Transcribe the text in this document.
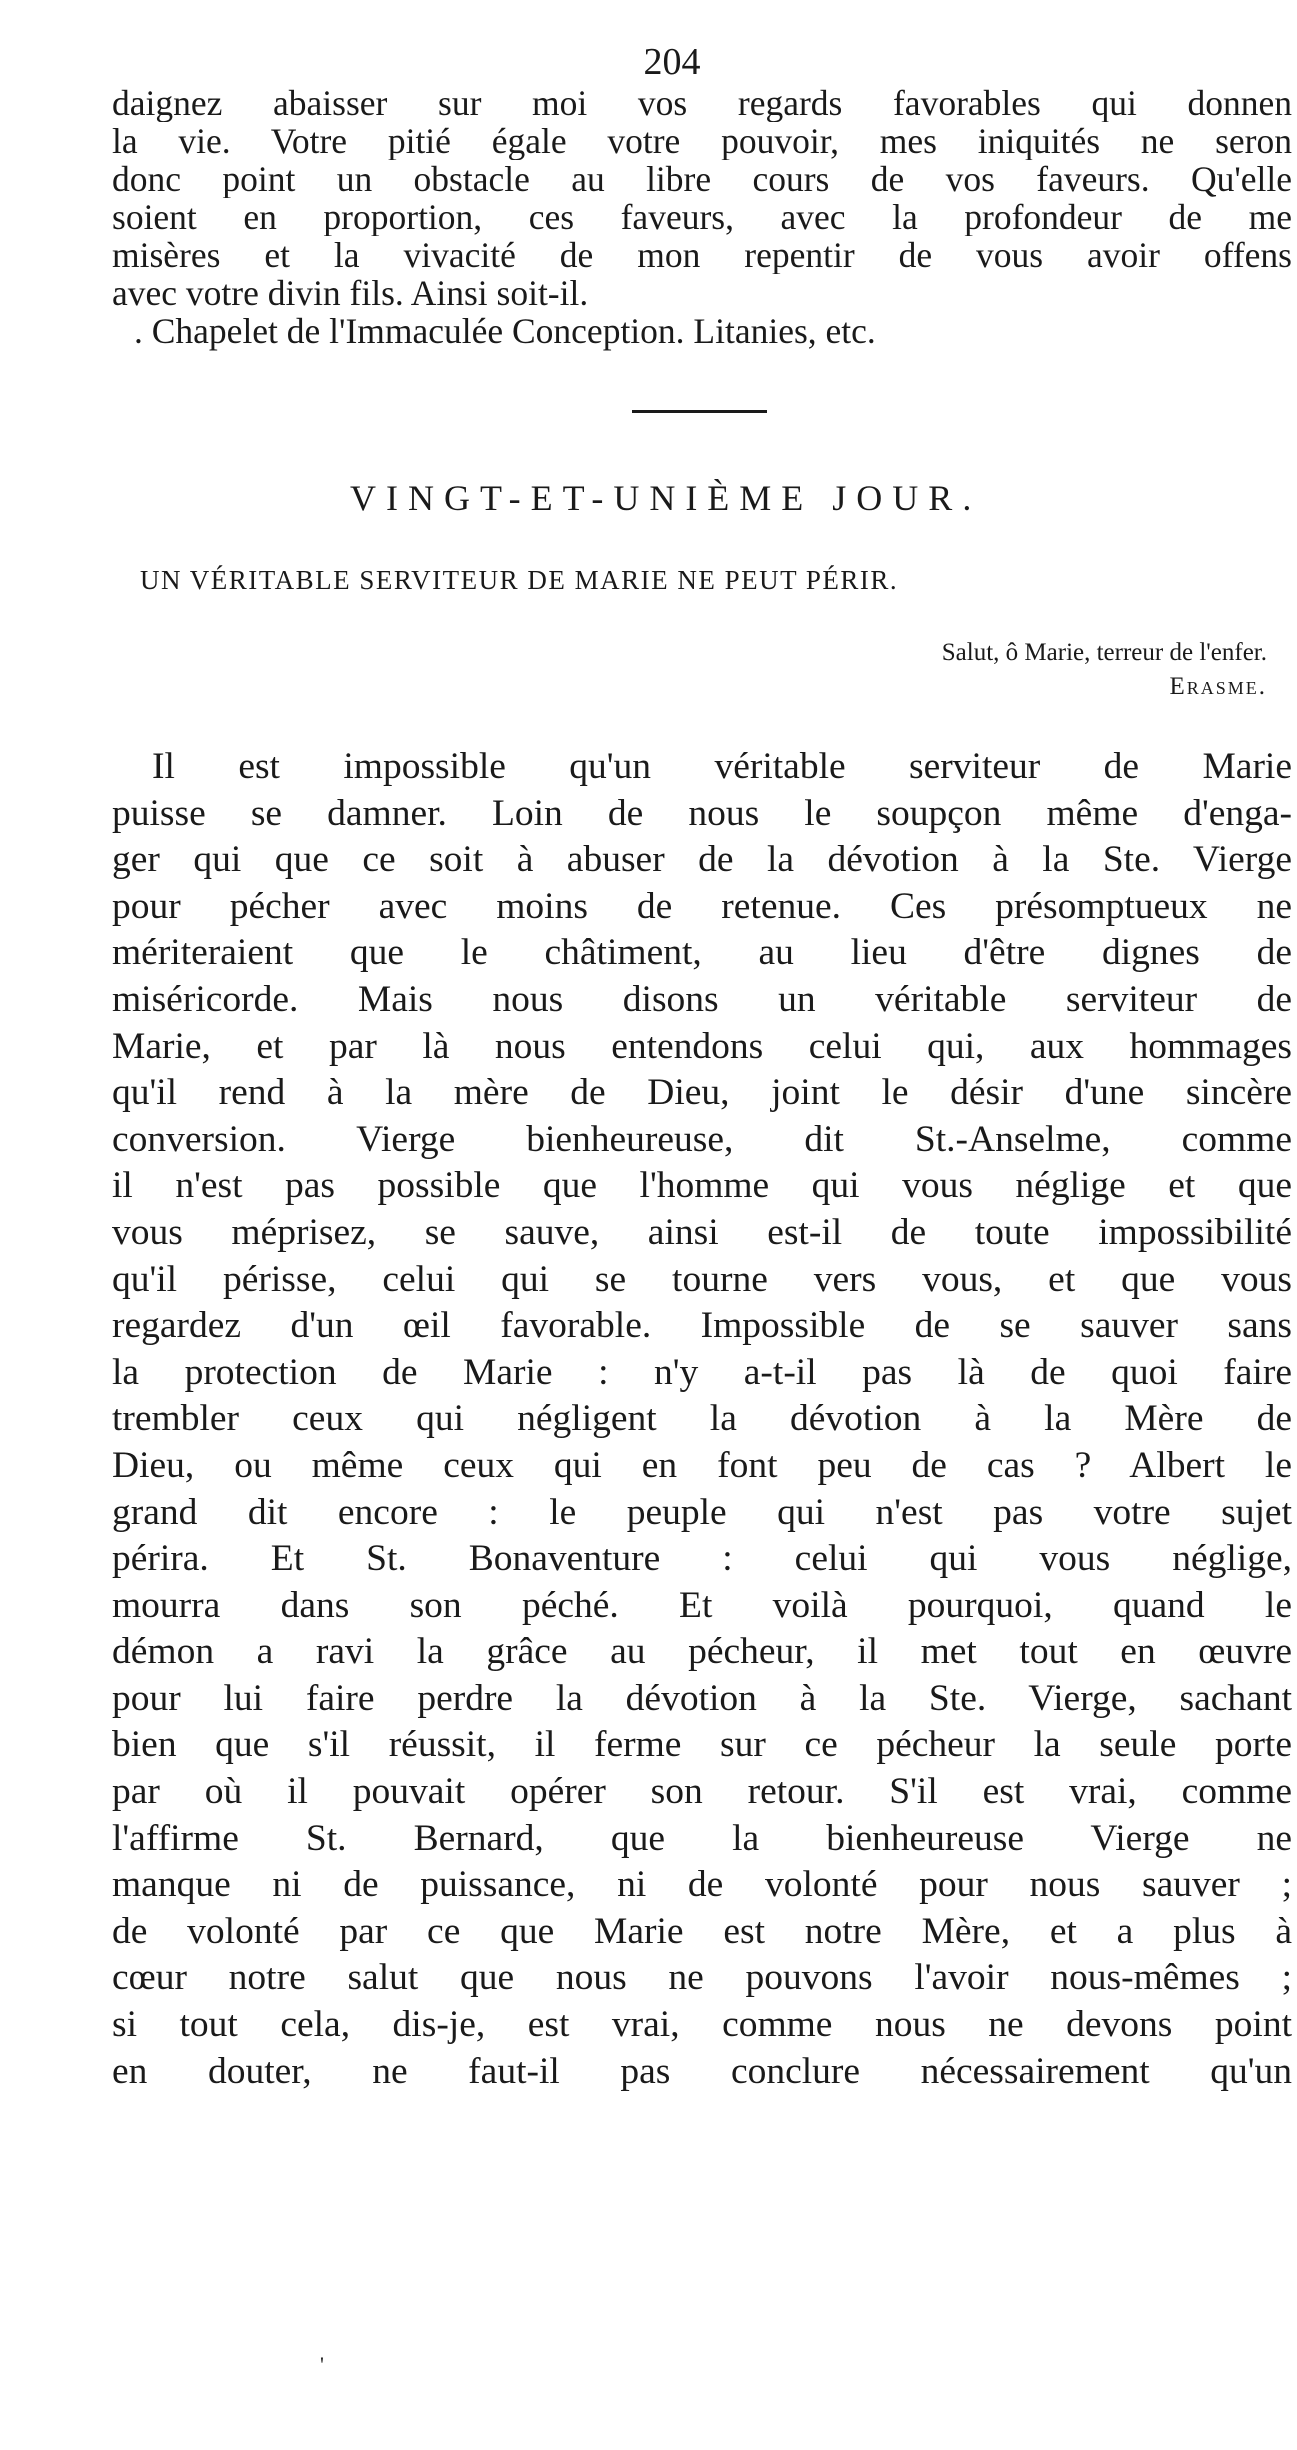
204
daignez abaisser sur moi vos regards favorables qui donnen
la vie. Votre pitié égale votre pouvoir, mes iniquités ne seron
donc point un obstacle au libre cours de vos faveurs. Qu'elle
soient en proportion, ces faveurs, avec la profondeur de me
misères et la vivacité de mon repentir de vous avoir offens
avec votre divin fils. Ainsi soit-il.
. Chapelet de l'Immaculée Conception. Litanies, etc.
VINGT-ET-UNIÈME JOUR.
UN VÉRITABLE SERVITEUR DE MARIE NE PEUT PÉRIR.
Salut, ô Marie, terreur de l'enfer.
Erasme.
Il est impossible qu'un véritable serviteur de Marie
puisse se damner. Loin de nous le soupçon même d'enga-
ger qui que ce soit à abuser de la dévotion à la Ste. Vierge
pour pécher avec moins de retenue. Ces présomptueux ne
mériteraient que le châtiment, au lieu d'être dignes de
miséricorde. Mais nous disons un véritable serviteur de
Marie, et par là nous entendons celui qui, aux hommages
qu'il rend à la mère de Dieu, joint le désir d'une sincère
conversion. Vierge bienheureuse, dit St.-Anselme, comme
il n'est pas possible que l'homme qui vous néglige et que
vous méprisez, se sauve, ainsi est-il de toute impossibilité
qu'il périsse, celui qui se tourne vers vous, et que vous
regardez d'un œil favorable. Impossible de se sauver sans
la protection de Marie : n'y a-t-il pas là de quoi faire
trembler ceux qui négligent la dévotion à la Mère de
Dieu, ou même ceux qui en font peu de cas ? Albert le
grand dit encore : le peuple qui n'est pas votre sujet
périra. Et St. Bonaventure : celui qui vous néglige,
mourra dans son péché. Et voilà pourquoi, quand le
démon a ravi la grâce au pécheur, il met tout en œuvre
pour lui faire perdre la dévotion à la Ste. Vierge, sachant
bien que s'il réussit, il ferme sur ce pécheur la seule porte
par où il pouvait opérer son retour. S'il est vrai, comme
l'affirme St. Bernard, que la bienheureuse Vierge ne
manque ni de puissance, ni de volonté pour nous sauver ;
de volonté par ce que Marie est notre Mère, et a plus à
cœur notre salut que nous ne pouvons l'avoir nous-mêmes ;
si tout cela, dis-je, est vrai, comme nous ne devons point
en douter, ne faut-il pas conclure nécessairement qu'un
'
